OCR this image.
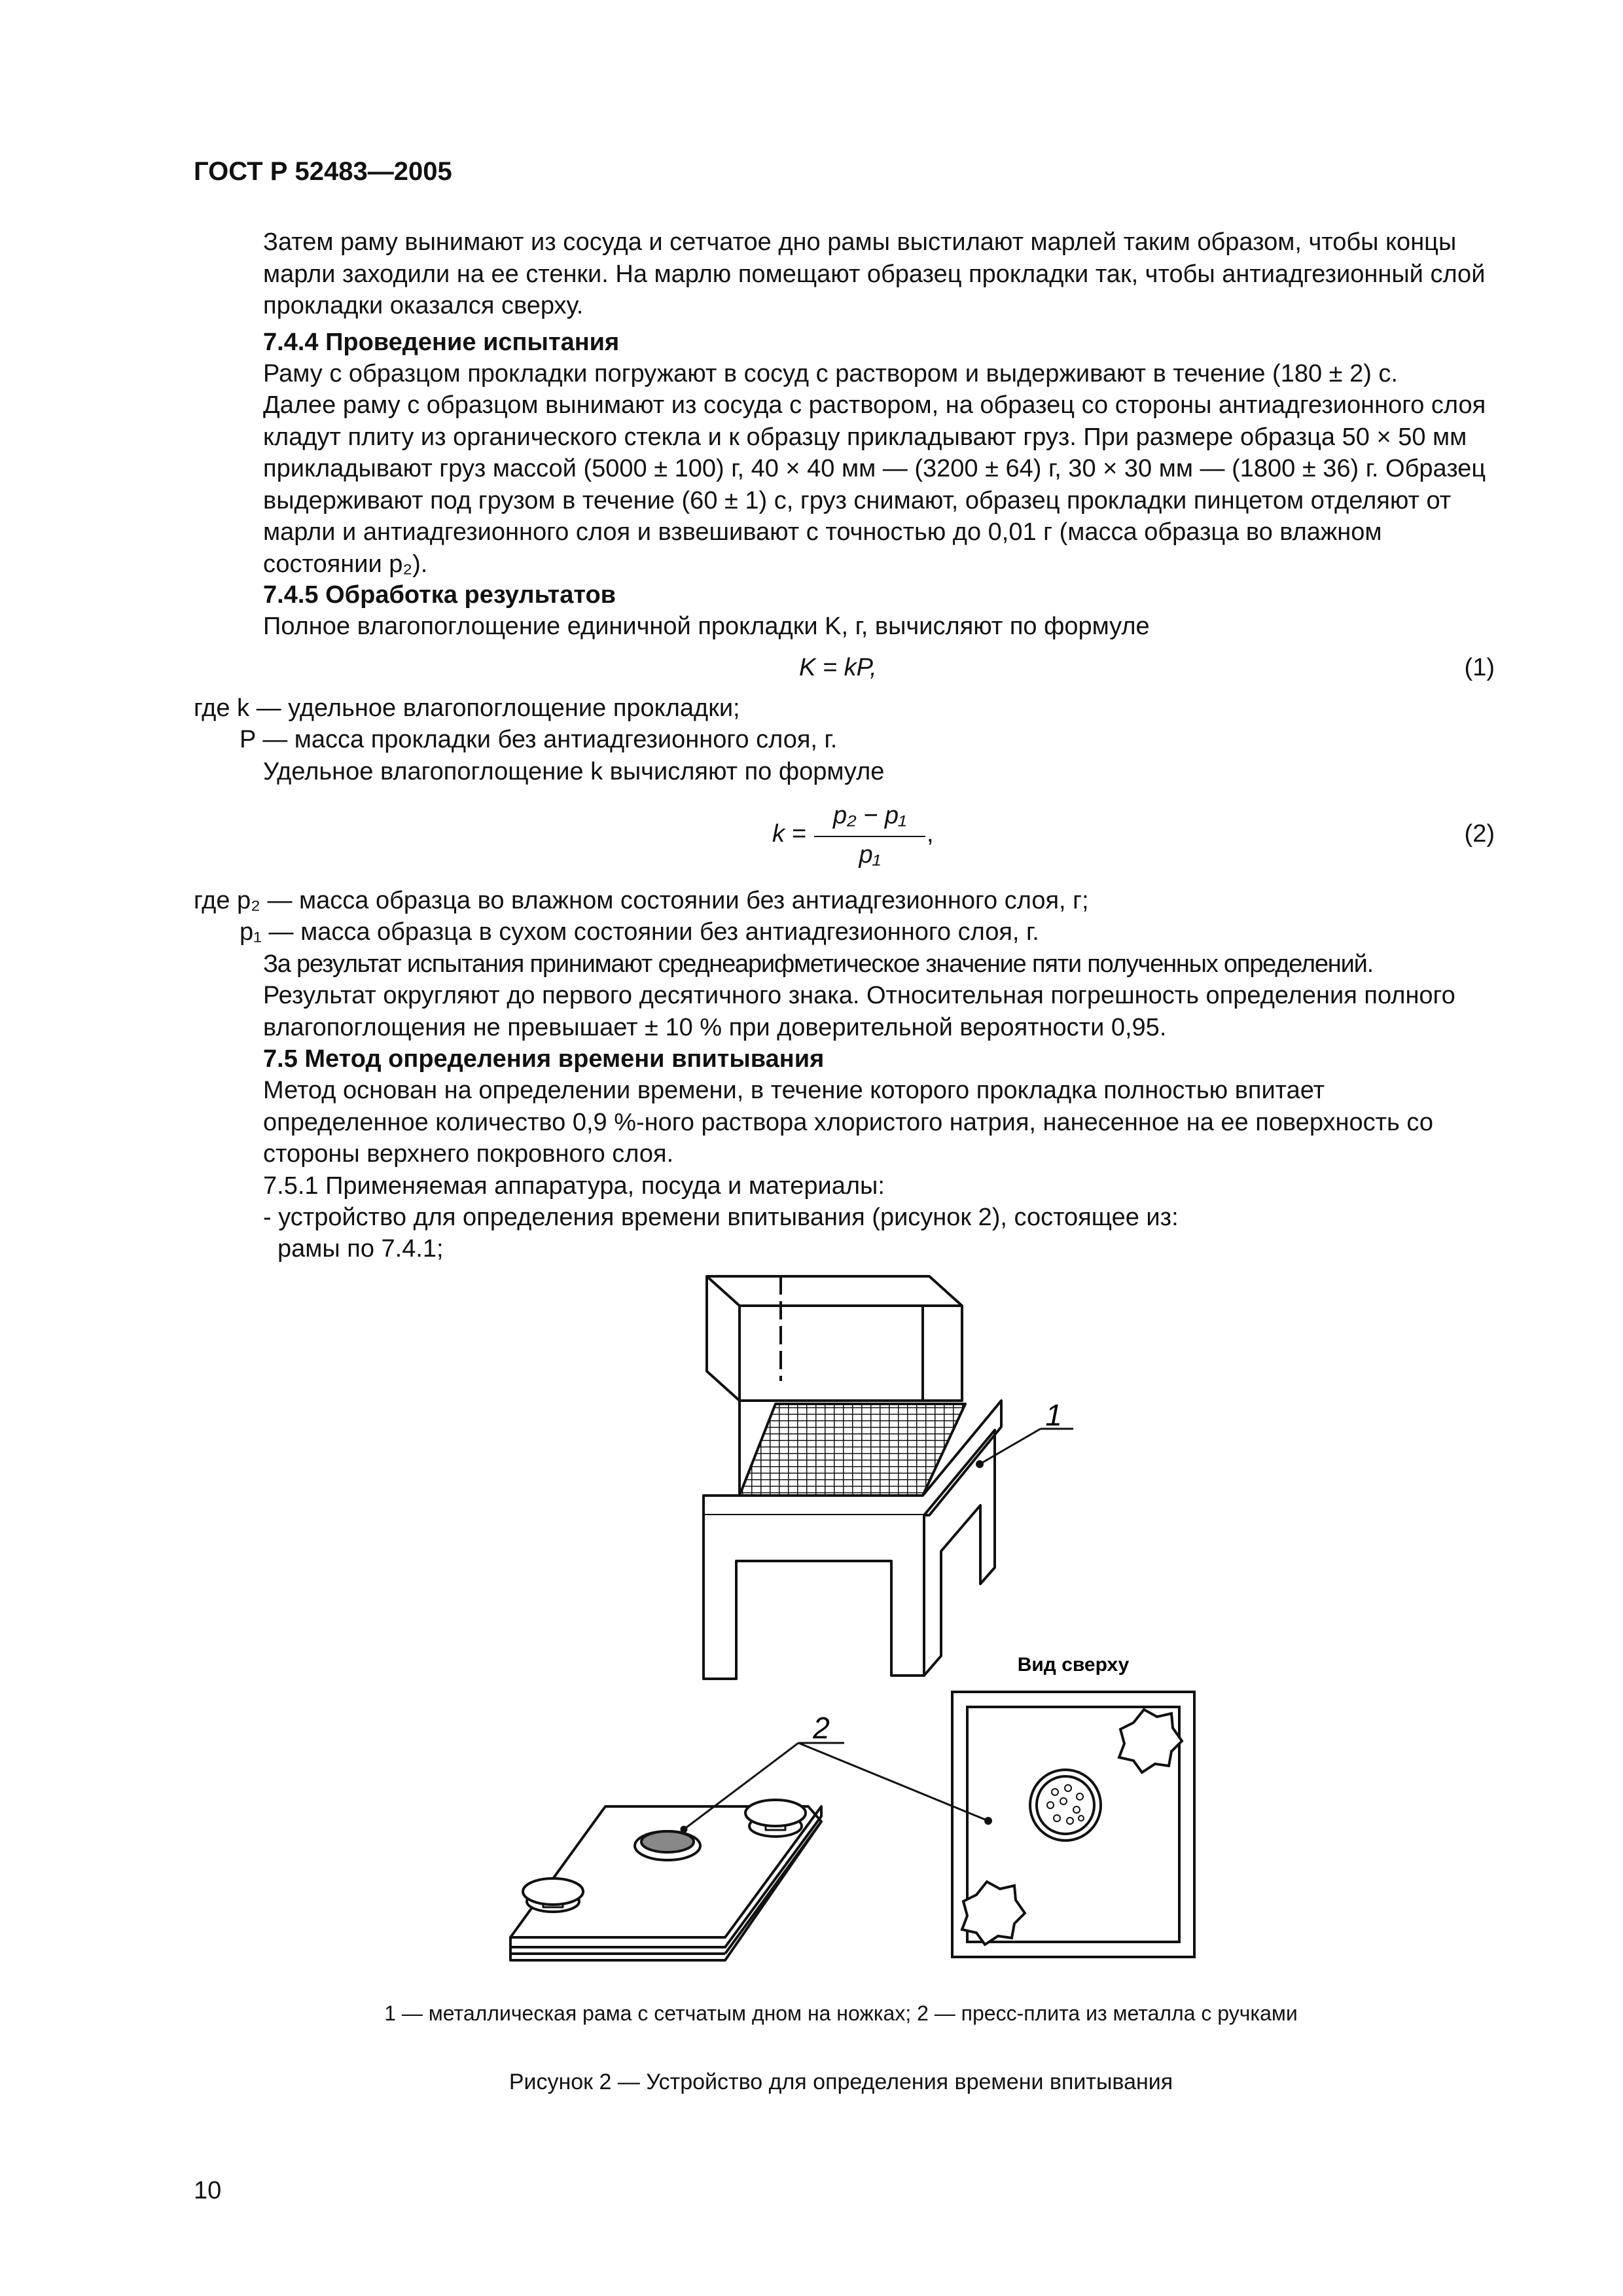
ГОСТ Р 52483—2005

Затем раму вынимают из сосуда и сетчатое дно рамы выстилают марлей таким образом, чтобы концы марли заходили на ее стенки. На марлю помещают образец прокладки так, чтобы антиадгезионный слой прокладки оказался сверху.

7.4.4 Проведение испытания
Раму с образцом прокладки погружают в сосуд с раствором и выдерживают в течение (180 ± 2) с.

Далее раму с образцом вынимают из сосуда с раствором, на образец со стороны антиадгезионного слоя кладут плиту из органического стекла и к образцу прикладывают груз. При размере образца 50 × 50 мм прикладывают груз массой (5000 ± 100) г, 40 × 40 мм — (3200 ± 64) г, 30 × 30 мм — (1800 ± 36) г. Образец выдерживают под грузом в течение (60 ± 1) с, груз снимают, образец прокладки пинцетом отделяют от марли и антиадгезионного слоя и взвешивают с точностью до 0,01 г (масса образца во влажном состоянии p₂).

7.4.5 Обработка результатов
Полное влагопоглощение единичной прокладки K, г, вычисляют по формуле
K = kP,	(1)
где k — удельное влагопоглощение прокладки;
P — масса прокладки без антиадгезионного слоя, г.
Удельное влагопоглощение k вычисляют по формуле
k =
p₂ − p₁
p₁
,	(2)
где p₂ — масса образца во влажном состоянии без антиадгезионного слоя, г;
p₁ — масса образца в сухом состоянии без антиадгезионного слоя, г.
За результат испытания принимают среднеарифметическое значение пяти полученных определений.

Результат округляют до первого десятичного знака. Относительная погрешность определения полного влагопоглощения не превышает ± 10 % при доверительной вероятности 0,95.

7.5 Метод определения времени впитывания

Метод основан на определении времени, в течение которого прокладка полностью впитает определенное количество 0,9 %-ного раствора хлористого натрия, нанесенное на ее поверхность со стороны верхнего покровного слоя.

7.5.1 Применяемая аппаратура, посуда и материалы:
- устройство для определения времени впитывания (рисунок 2), состоящее из:
рамы по 7.4.1;
1
Вид сверху
2
1 — металлическая рама с сетчатым дном на ножках; 2 — пресс-плита из металла с ручками
Рисунок 2 — Устройство для определения времени впитывания
10
